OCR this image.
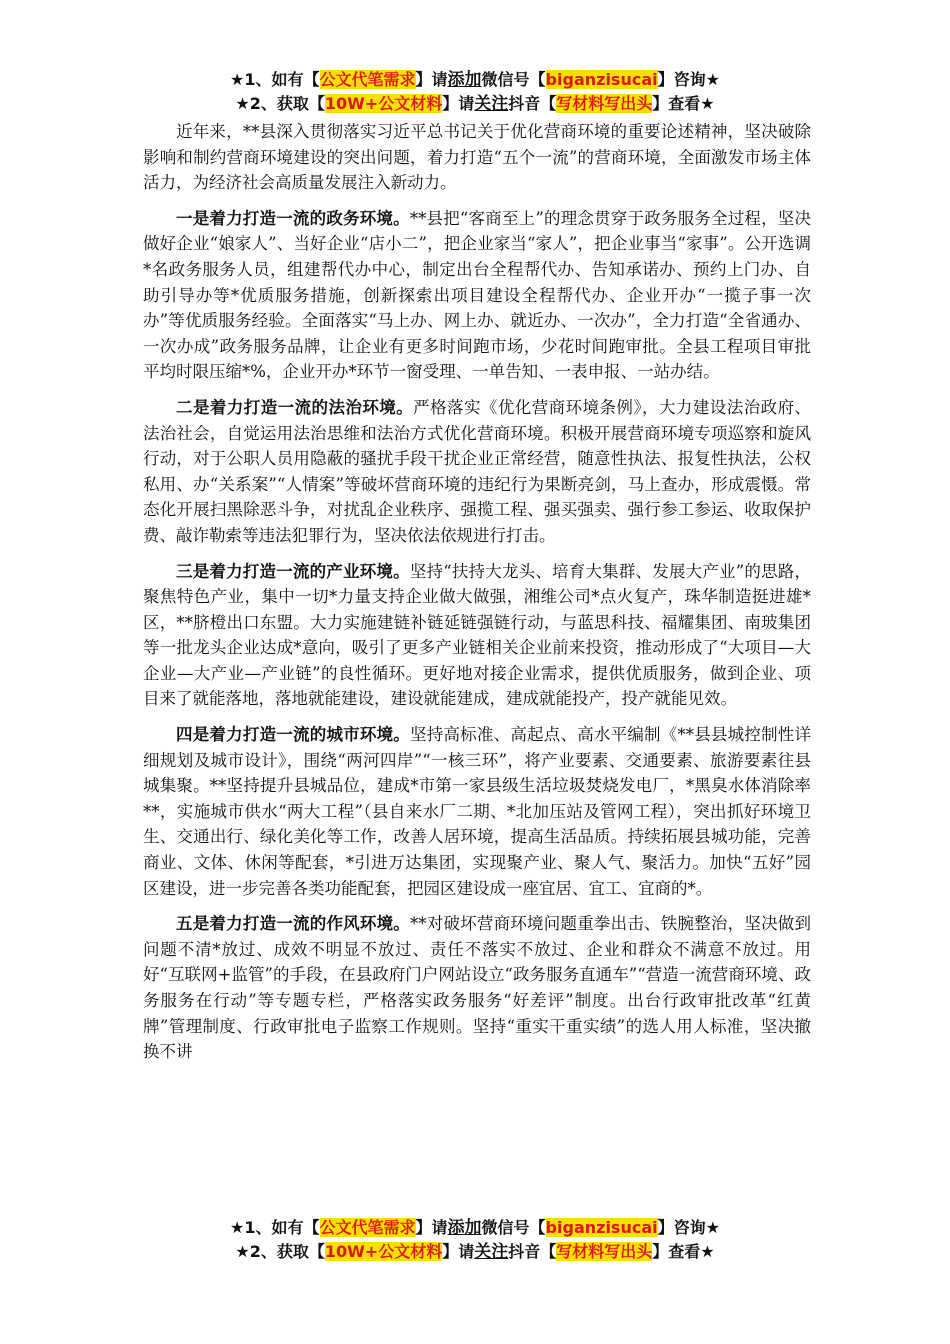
★1、如有【公文代笔需求】请添加微信号【biganzisucai】咨询★
★2、获取【10W+公文材料】请关注抖音【写材料写出头】查看★

近年来，**县深入贯彻落实习近平总书记关于优化营商环境的重要论述精神，坚决破除影响和制约营商环境建设的突出问题，着力打造“五个一流”的营商环境，全面激发市场主体活力，为经济社会高质量发展注入新动力。

一是着力打造一流的政务环境。**县把“客商至上”的理念贯穿于政务服务全过程，坚决做好企业“娘家人”、当好企业“店小二”，把企业家当“家人”，把企业事当“家事”。公开选调*名政务服务人员，组建帮代办中心，制定出台全程帮代办、告知承诺办、预约上门办、自助引导办等*优质服务措施，创新探索出项目建设全程帮代办、企业开办“一揽子事一次办”等优质服务经验。全面落实“马上办、网上办、就近办、一次办”，全力打造“全省通办、一次办成”政务服务品牌，让企业有更多时间跑市场，少花时间跑审批。全县工程项目审批平均时限压缩*%，企业开办*环节一窗受理、一单告知、一表申报、一站办结。

二是着力打造一流的法治环境。严格落实《优化营商环境条例》，大力建设法治政府、法治社会，自觉运用法治思维和法治方式优化营商环境。积极开展营商环境专项巡察和旋风行动，对于公职人员用隐蔽的骚扰手段干扰企业正常经营，随意性执法、报复性执法，公权私用、办“关系案”“人情案”等破坏营商环境的违纪行为果断亮剑，马上查办，形成震慑。常态化开展扫黑除恶斗争，对扰乱企业秩序、强揽工程、强买强卖、强行参工参运、收取保护费、敲诈勒索等违法犯罪行为，坚决依法依规进行打击。

三是着力打造一流的产业环境。坚持“扶持大龙头、培育大集群、发展大产业”的思路，聚焦特色产业，集中一切*力量支持企业做大做强，湘维公司*点火复产，珠华制造挺进雄*区，**脐橙出口东盟。大力实施建链补链延链强链行动，与蓝思科技、福耀集团、南玻集团等一批龙头企业达成*意向，吸引了更多产业链相关企业前来投资，推动形成了“大项目—大企业—大产业—产业链”的良性循环。更好地对接企业需求，提供优质服务，做到企业、项目来了就能落地，落地就能建设，建设就能建成，建成就能投产，投产就能见效。

四是着力打造一流的城市环境。坚持高标准、高起点、高水平编制《**县县城控制性详细规划及城市设计》，围绕“两河四岸”“一核三环”，将产业要素、交通要素、旅游要素往县城集聚。**坚持提升县城品位，建成*市第一家县级生活垃圾焚烧发电厂，*黑臭水体消除率**，实施城市供水“两大工程”（县自来水厂二期、*北加压站及管网工程），突出抓好环境卫生、交通出行、绿化美化等工作，改善人居环境，提高生活品质。持续拓展县城功能，完善商业、文体、休闲等配套，*引进万达集团，实现聚产业、聚人气、聚活力。加快“五好”园区建设，进一步完善各类功能配套，把园区建设成一座宜居、宜工、宜商的*。

五是着力打造一流的作风环境。**对破坏营商环境问题重拳出击、铁腕整治，坚决做到问题不清*放过、成效不明显不放过、责任不落实不放过、企业和群众不满意不放过。用好“互联网+监管”的手段，在县政府门户网站设立“政务服务直通车”“营造一流营商环境、政务服务在行动”等专题专栏，严格落实政务服务“好差评”制度。出台行政审批改革“红黄牌”管理制度、行政审批电子监察工作规则。坚持“重实干重实绩”的选人用人标准，坚决撤换不讲

★1、如有【公文代笔需求】请添加微信号【biganzisucai】咨询★
★2、获取【10W+公文材料】请关注抖音【写材料写出头】查看★
